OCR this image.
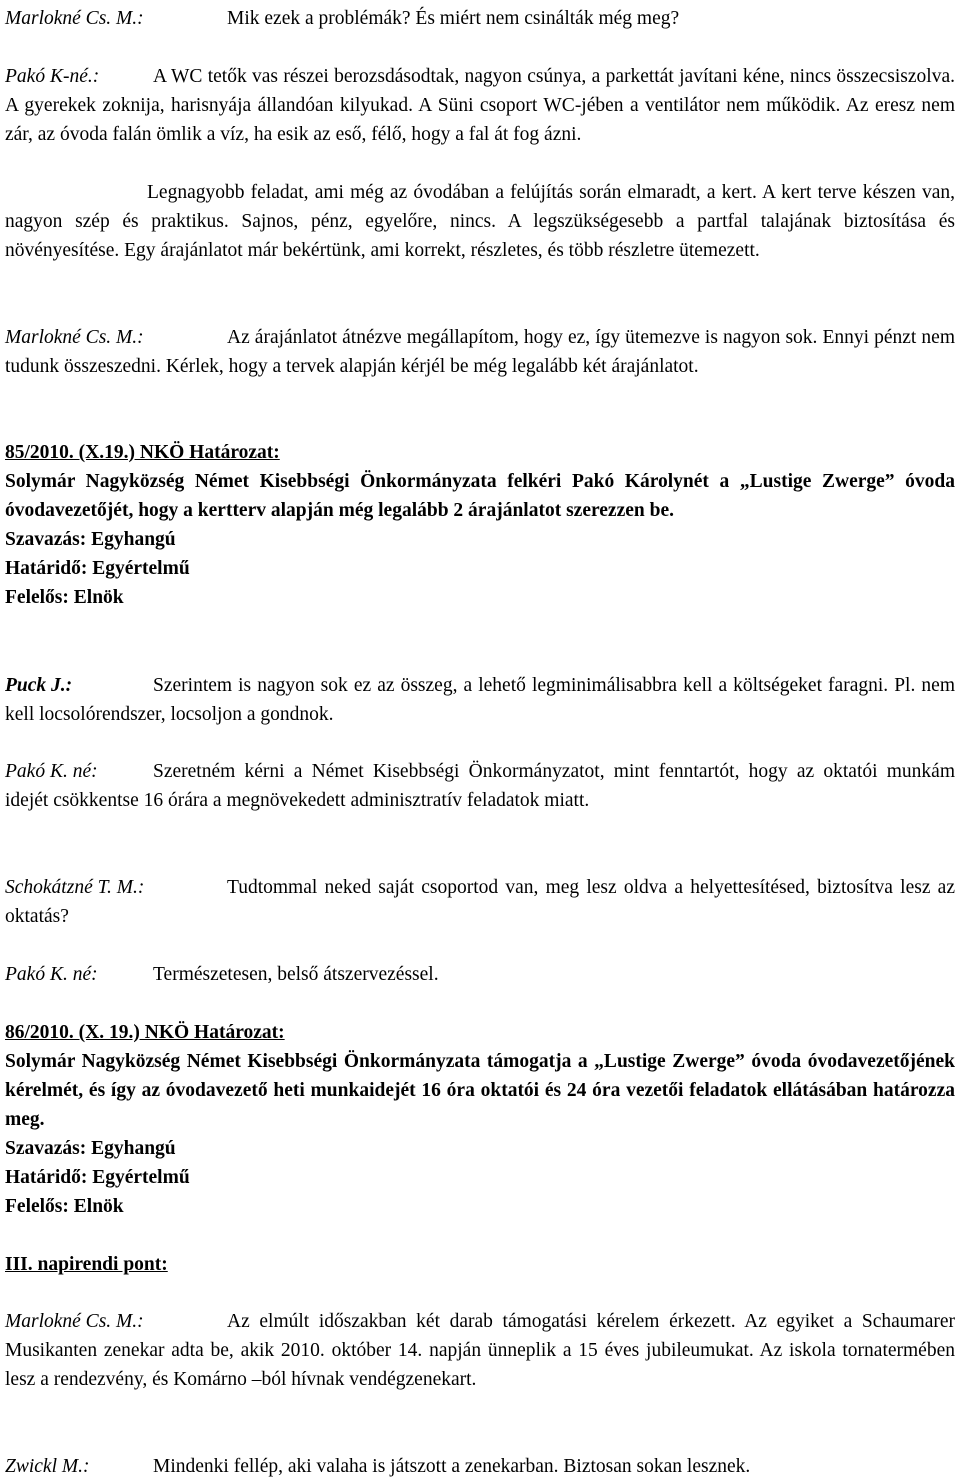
Marlokné Cs. M.:	Mik ezek a problémák? És miért nem csinálták még meg?

Pakó K-né.:	A WC tetők vas részei berozsdásodtak, nagyon csúnya, a parkettát javítani kéne, nincs összecsiszolva. A gyerekek zoknija, harisnyája állandóan kilyukad. A Süni csoport WC-jében a ventilátor nem működik. Az eresz nem zár, az óvoda falán ömlik a víz, ha esik az eső, félő, hogy a fal át fog ázni.

Legnagyobb feladat, ami még az óvodában a felújítás során elmaradt, a kert. A kert terve készen van, nagyon szép és praktikus. Sajnos, pénz, egyelőre, nincs. A legszükségesebb a partfal talajának biztosítása és növényesítése. Egy árajánlatot már bekértünk, ami korrekt, részletes, és több részletre ütemezett.

Marlokné Cs. M.:	Az árajánlatot átnézve megállapítom, hogy ez, így ütemezve is nagyon sok. Ennyi pénzt nem tudunk összeszedni. Kérlek, hogy a tervek alapján kérjél be még legalább két árajánlatot.

85/2010. (X.19.) NKÖ Határozat:
Solymár Nagyközség Német Kisebbségi Önkormányzata felkéri Pakó Károlynét a „Lustige Zwerge” óvoda óvodavezetőjét, hogy a kertterv alapján még legalább 2 árajánlatot szerezzen be.
Szavazás: Egyhangú
Határidő: Egyértelmű
Felelős: Elnök

Puck J.:	Szerintem is nagyon sok ez az összeg, a lehető legminimálisabbra kell a költségeket faragni. Pl. nem kell locsolórendszer, locsoljon a gondnok.

Pakó K. né:	Szeretném kérni a Német Kisebbségi Önkormányzatot, mint fenntartót, hogy az oktatói munkám idejét csökkentse 16 órára a megnövekedett adminisztratív feladatok miatt.

Schokátzné T. M.:	Tudtommal neked saját csoportod van, meg lesz oldva a helyettesítésed, biztosítva lesz az oktatás?

Pakó K. né:	Természetesen, belső átszervezéssel.

86/2010. (X. 19.) NKÖ Határozat:
Solymár Nagyközség Német Kisebbségi Önkormányzata támogatja a „Lustige Zwerge” óvoda óvodavezetőjének kérelmét, és így az óvodavezető heti munkaidejét 16 óra oktatói és 24 óra vezetői feladatok ellátásában határozza meg.
Szavazás: Egyhangú
Határidő: Egyértelmű
Felelős: Elnök

III. napirendi pont:

Marlokné Cs. M.:	Az elmúlt időszakban két darab támogatási kérelem érkezett. Az egyiket a Schaumarer Musikanten zenekar adta be, akik 2010. október 14. napján ünneplik a 15 éves jubileumukat. Az iskola tornatermében lesz a rendezvény, és Komárno –ból hívnak vendégzenekart.

Zwickl M.:	Mindenki fellép, aki valaha is játszott a zenekarban. Biztosan sokan lesznek.
